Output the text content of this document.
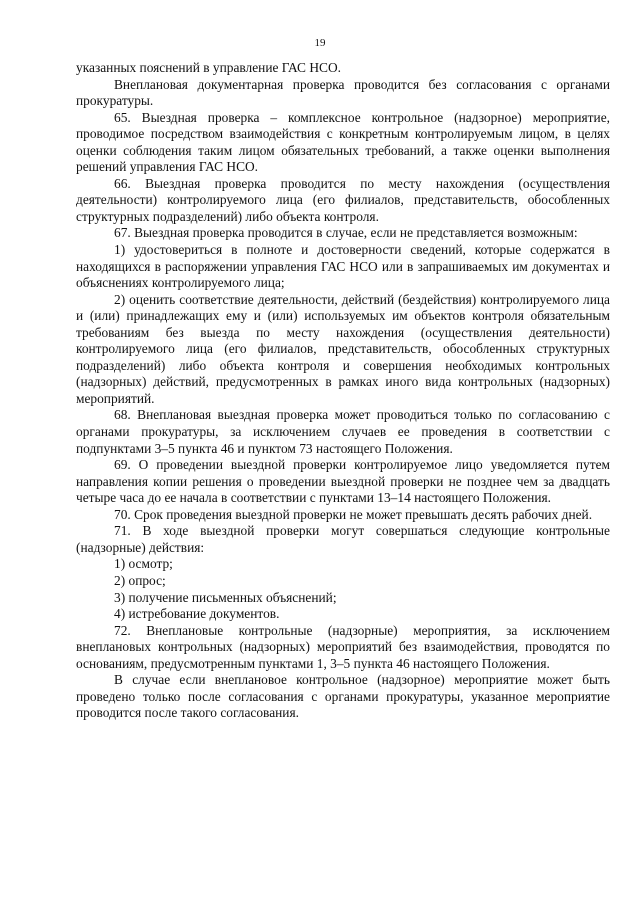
19

указанных пояснений в управление ГАС НСО.

Внеплановая документарная проверка проводится без согласования с органами прокуратуры.

65. Выездная проверка – комплексное контрольное (надзорное) мероприятие, проводимое посредством взаимодействия с конкретным контролируемым лицом, в целях оценки соблюдения таким лицом обязательных требований, а также оценки выполнения решений управления ГАС НСО.

66. Выездная проверка проводится по месту нахождения (осуществления деятельности) контролируемого лица (его филиалов, представительств, обособленных структурных подразделений) либо объекта контроля.

67. Выездная проверка проводится в случае, если не представляется возможным:

1) удостовериться в полноте и достоверности сведений, которые содержатся в находящихся в распоряжении управления ГАС НСО или в запрашиваемых им документах и объяснениях контролируемого лица;

2) оценить соответствие деятельности, действий (бездействия) контролируемого лица и (или) принадлежащих ему и (или) используемых им объектов контроля обязательным требованиям без выезда по месту нахождения (осуществления деятельности) контролируемого лица (его филиалов, представительств, обособленных структурных подразделений) либо объекта контроля и совершения необходимых контрольных (надзорных) действий, предусмотренных в рамках иного вида контрольных (надзорных) мероприятий.

68. Внеплановая выездная проверка может проводиться только по согласованию с органами прокуратуры, за исключением случаев ее проведения в соответствии с подпунктами 3–5 пункта 46 и пунктом 73 настоящего Положения.

69. О проведении выездной проверки контролируемое лицо уведомляется путем направления копии решения о проведении выездной проверки не позднее чем за двадцать четыре часа до ее начала в соответствии с пунктами 13–14 настоящего Положения.

70. Срок проведения выездной проверки не может превышать десять рабочих дней.

71. В ходе выездной проверки могут совершаться следующие контрольные (надзорные) действия:

1) осмотр;

2) опрос;

3) получение письменных объяснений;

4) истребование документов.

72. Внеплановые контрольные (надзорные) мероприятия, за исключением внеплановых контрольных (надзорных) мероприятий без взаимодействия, проводятся по основаниям, предусмотренным пунктами 1, 3–5 пункта 46 настоящего Положения.

В случае если внеплановое контрольное (надзорное) мероприятие может быть проведено только после согласования с органами прокуратуры, указанное мероприятие проводится после такого согласования.
